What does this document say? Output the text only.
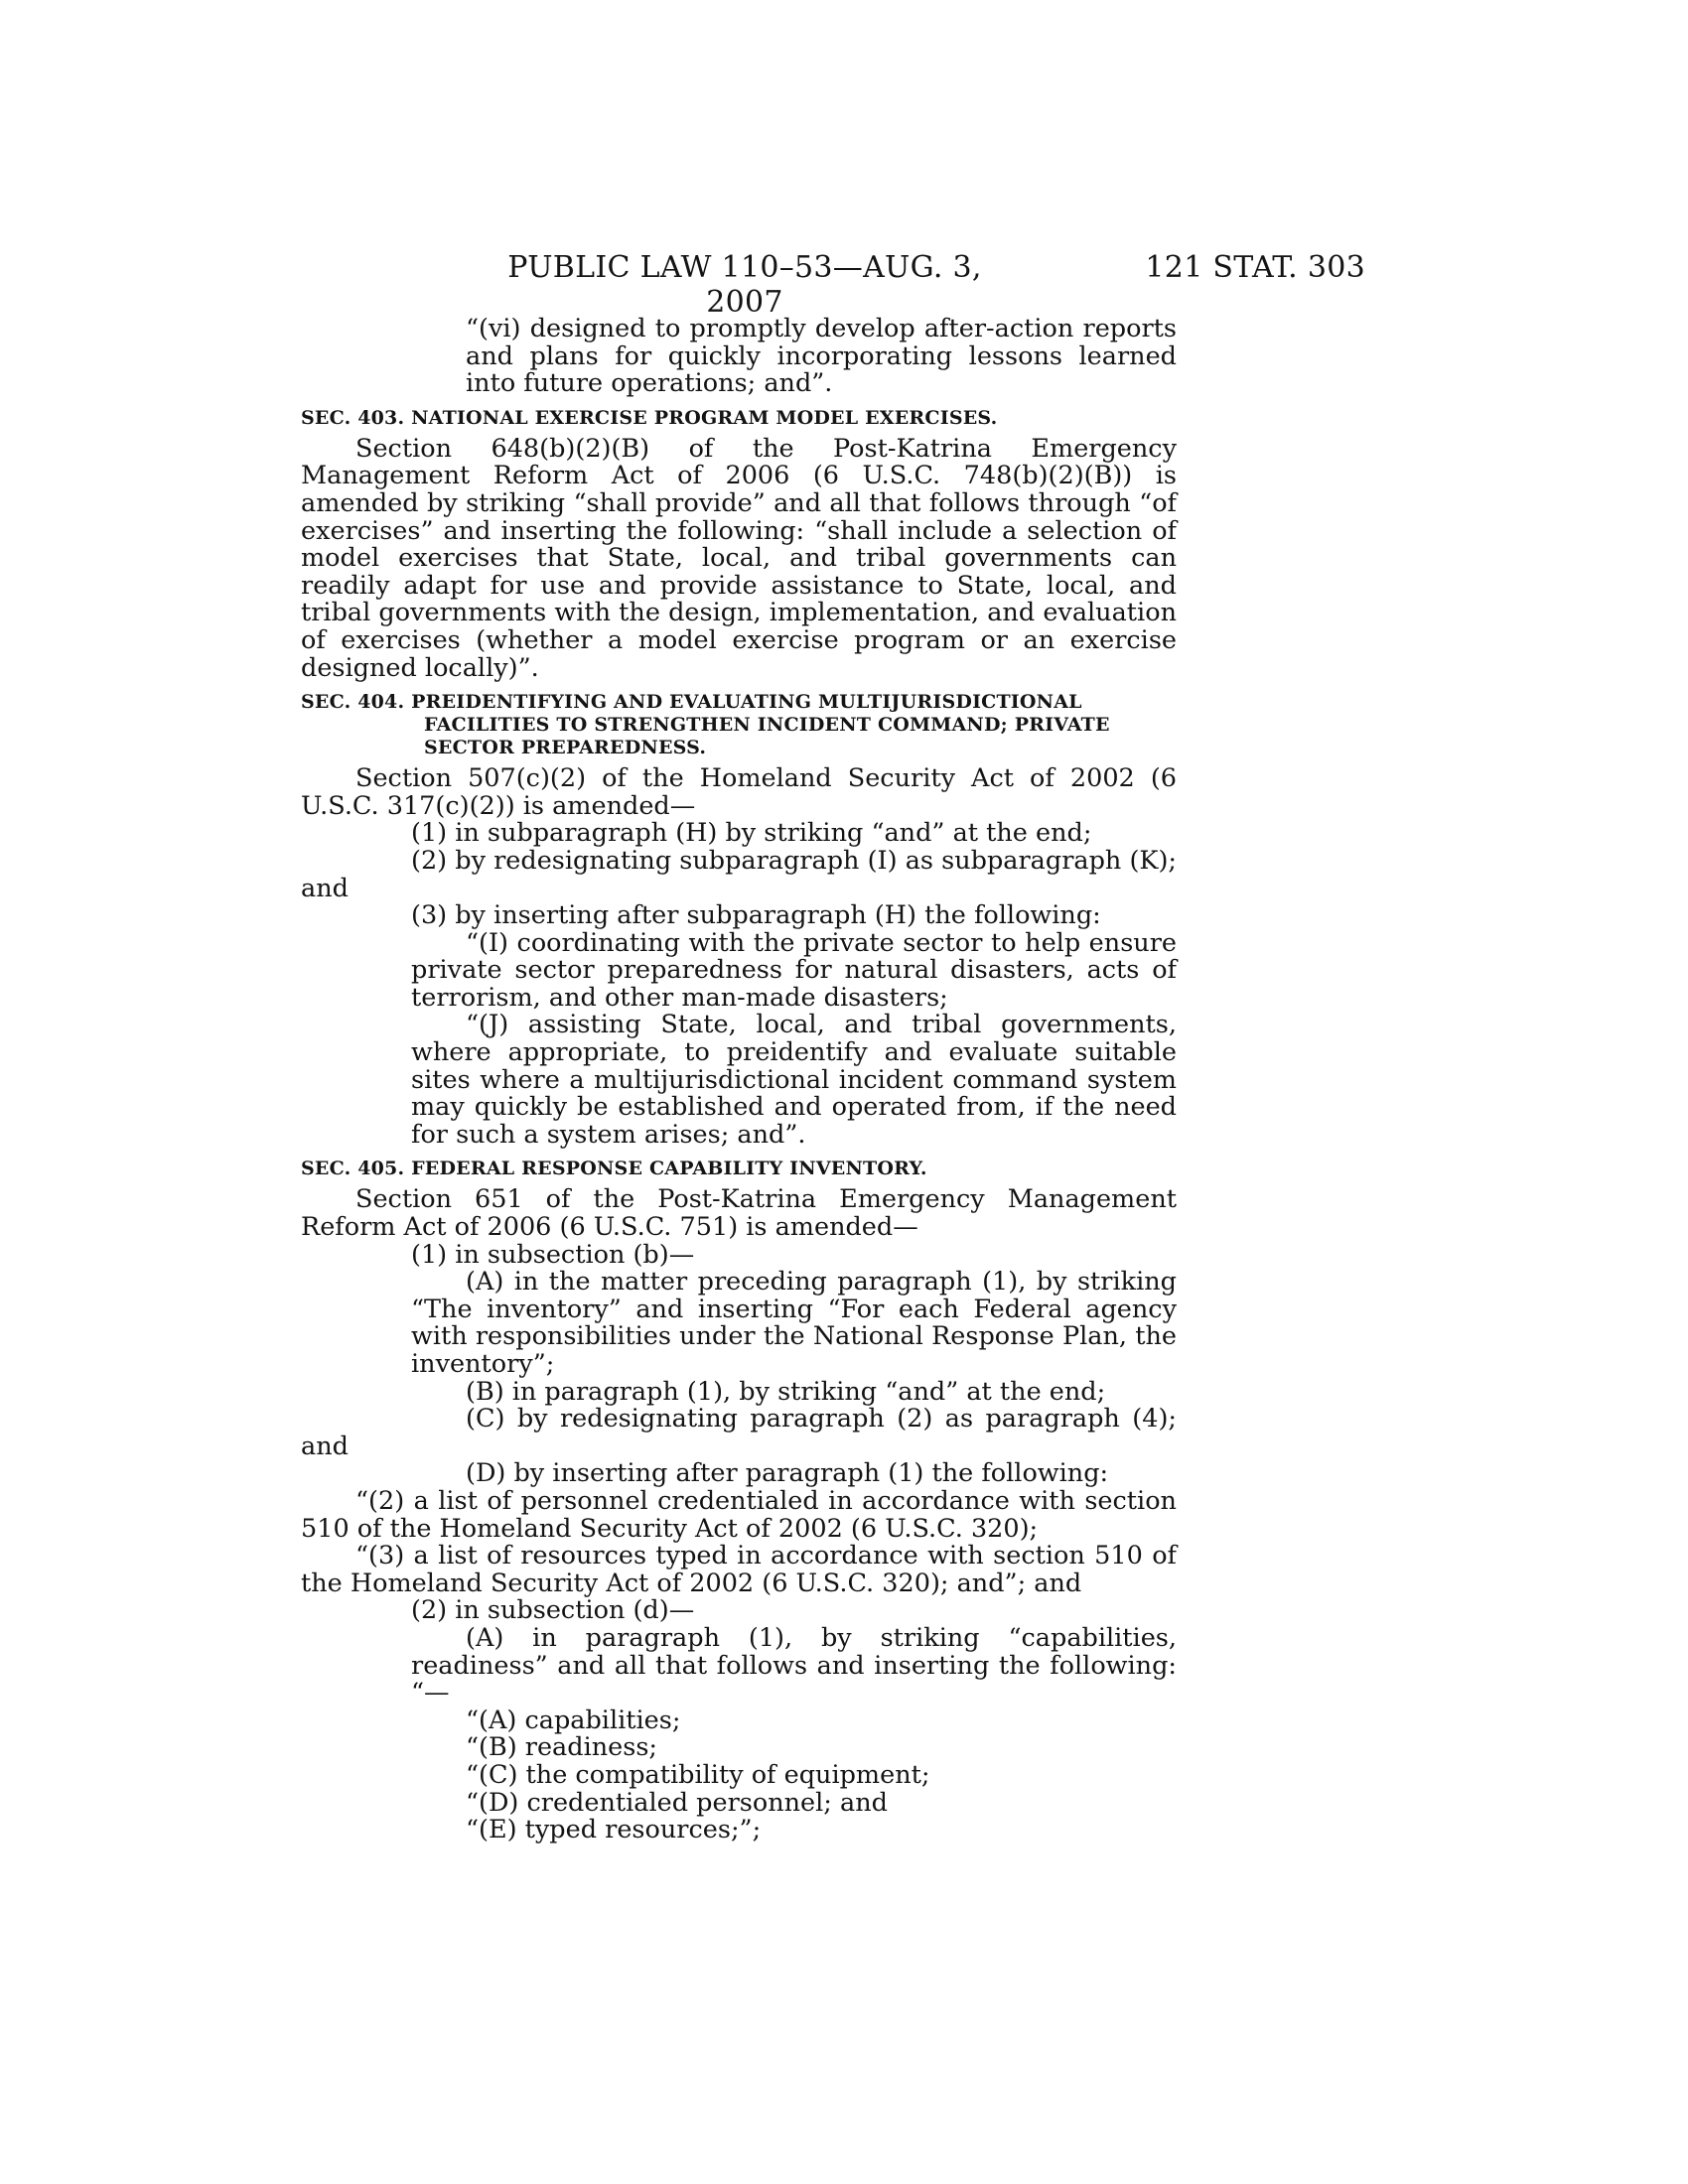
PUBLIC LAW 110–53—AUG. 3, 2007
121 STAT. 303

“(vi) designed to promptly develop after-action reports and plans for quickly incorporating lessons learned into future operations; and”.

SEC. 403. NATIONAL EXERCISE PROGRAM MODEL EXERCISES.

Section 648(b)(2)(B) of the Post-Katrina Emergency Management Reform Act of 2006 (6 U.S.C. 748(b)(2)(B)) is amended by striking “shall provide” and all that follows through “of exercises” and inserting the following: “shall include a selection of model exercises that State, local, and tribal governments can readily adapt for use and provide assistance to State, local, and tribal governments with the design, implementation, and evaluation of exercises (whether a model exercise program or an exercise designed locally)”.

SEC. 404. PREIDENTIFYING AND EVALUATING MULTIJURISDICTIONAL FACILITIES TO STRENGTHEN INCIDENT COMMAND; PRIVATE SECTOR PREPAREDNESS.

Section 507(c)(2) of the Homeland Security Act of 2002 (6 U.S.C. 317(c)(2)) is amended—

(1) in subparagraph (H) by striking “and” at the end;

(2) by redesignating subparagraph (I) as subparagraph (K); and

(3) by inserting after subparagraph (H) the following:

“(I) coordinating with the private sector to help ensure private sector preparedness for natural disasters, acts of terrorism, and other man-made disasters;

“(J) assisting State, local, and tribal governments, where appropriate, to preidentify and evaluate suitable sites where a multijurisdictional incident command system may quickly be established and operated from, if the need for such a system arises; and”.

SEC. 405. FEDERAL RESPONSE CAPABILITY INVENTORY.

Section 651 of the Post-Katrina Emergency Management Reform Act of 2006 (6 U.S.C. 751) is amended—

(1) in subsection (b)—

(A) in the matter preceding paragraph (1), by striking “The inventory” and inserting “For each Federal agency with responsibilities under the National Response Plan, the inventory”;

(B) in paragraph (1), by striking “and” at the end;

(C) by redesignating paragraph (2) as paragraph (4); and

(D) by inserting after paragraph (1) the following:

“(2) a list of personnel credentialed in accordance with section 510 of the Homeland Security Act of 2002 (6 U.S.C. 320);

“(3) a list of resources typed in accordance with section 510 of the Homeland Security Act of 2002 (6 U.S.C. 320); and”; and

(2) in subsection (d)—

(A) in paragraph (1), by striking “capabilities, readiness” and all that follows and inserting the following: “—

“(A) capabilities;

“(B) readiness;

“(C) the compatibility of equipment;

“(D) credentialed personnel; and

“(E) typed resources;”;
